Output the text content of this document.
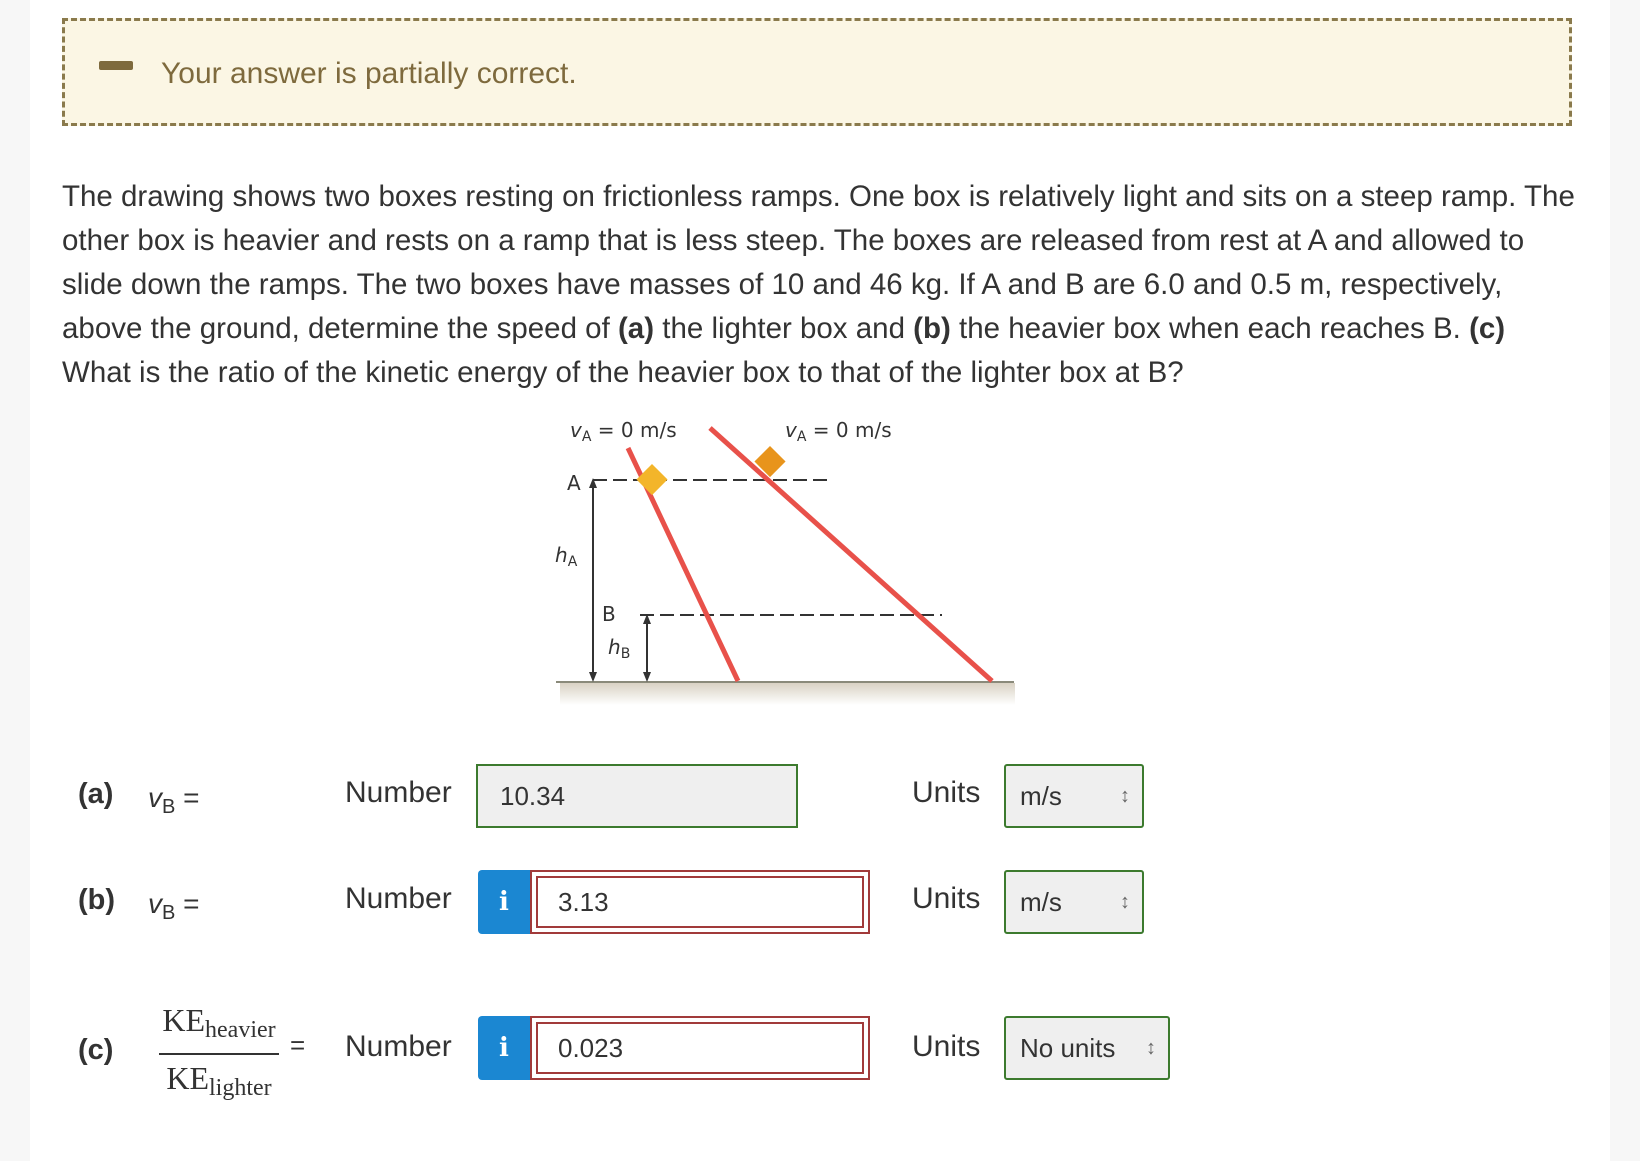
Your answer is partially correct.
The drawing shows two boxes resting on frictionless ramps. One box is relatively light and sits on a steep ramp. The other box is heavier and rests on a ramp that is less steep. The boxes are released from rest at A and allowed to slide down the ramps. The two boxes have masses of 10 and 46 kg. If A and B are 6.0 and 0.5 m, respectively, above the ground, determine the speed of (a) the lighter box and (b) the heavier box when each reaches B. (c) What is the ratio of the kinetic energy of the heavier box to that of the lighter box at B?
$v_A = 0$ m/s	$v_A = 0$ m/s
A
B
$h_A$
$h_B$
(a) $v_B$ =	Number	10.34	Units	m/s	↕
(b) $v_B$ =	Number	i	3.13	Units	m/s	↕
(c)
$KE_{heavier}$
$KE_{lighter}$
= Number	i	0.023	Units	No units ↕
